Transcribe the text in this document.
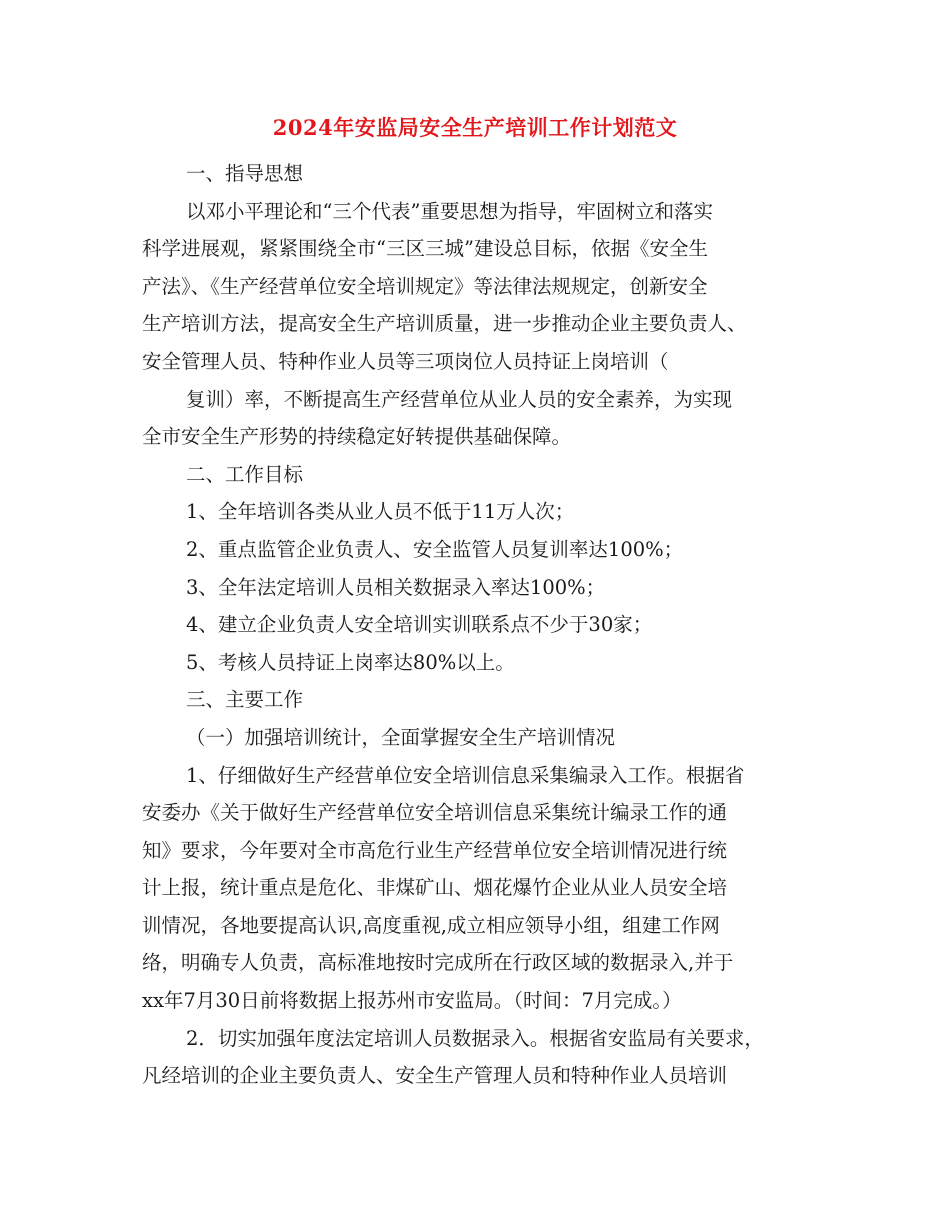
2024年安监局安全生产培训工作计划范文
一、指导思想
以邓小平理论和“三个代表”重要思想为指导，牢固树立和落实
科学进展观，紧紧围绕全市“三区三城”建设总目标，依据《安全生
产法》、《生产经营单位安全培训规定》等法律法规规定，创新安全
生产培训方法，提高安全生产培训质量，进一步推动企业主要负责人、
安全管理人员、特种作业人员等三项岗位人员持证上岗培训（
复训）率，不断提高生产经营单位从业人员的安全素养，为实现
全市安全生产形势的持续稳定好转提供基础保障。
二、工作目标
1、全年培训各类从业人员不低于11万人次；
2、重点监管企业负责人、安全监管人员复训率达100%；
3、全年法定培训人员相关数据录入率达100%；
4、建立企业负责人安全培训实训联系点不少于30家；
5、考核人员持证上岗率达80%以上。
三、主要工作
（一）加强培训统计，全面掌握安全生产培训情况
1、仔细做好生产经营单位安全培训信息采集编录入工作。根据省
安委办《关于做好生产经营单位安全培训信息采集统计编录工作的通
知》要求，今年要对全市高危行业生产经营单位安全培训情况进行统
计上报，统计重点是危化、非煤矿山、烟花爆竹企业从业人员安全培
训情况，各地要提高认识,高度重视,成立相应领导小组，组建工作网
络，明确专人负责，高标准地按时完成所在行政区域的数据录入,并于
xx年7月30日前将数据上报苏州市安监局。（时间：7月完成。）
2．切实加强年度法定培训人员数据录入。根据省安监局有关要求，
凡经培训的企业主要负责人、安全生产管理人员和特种作业人员培训
